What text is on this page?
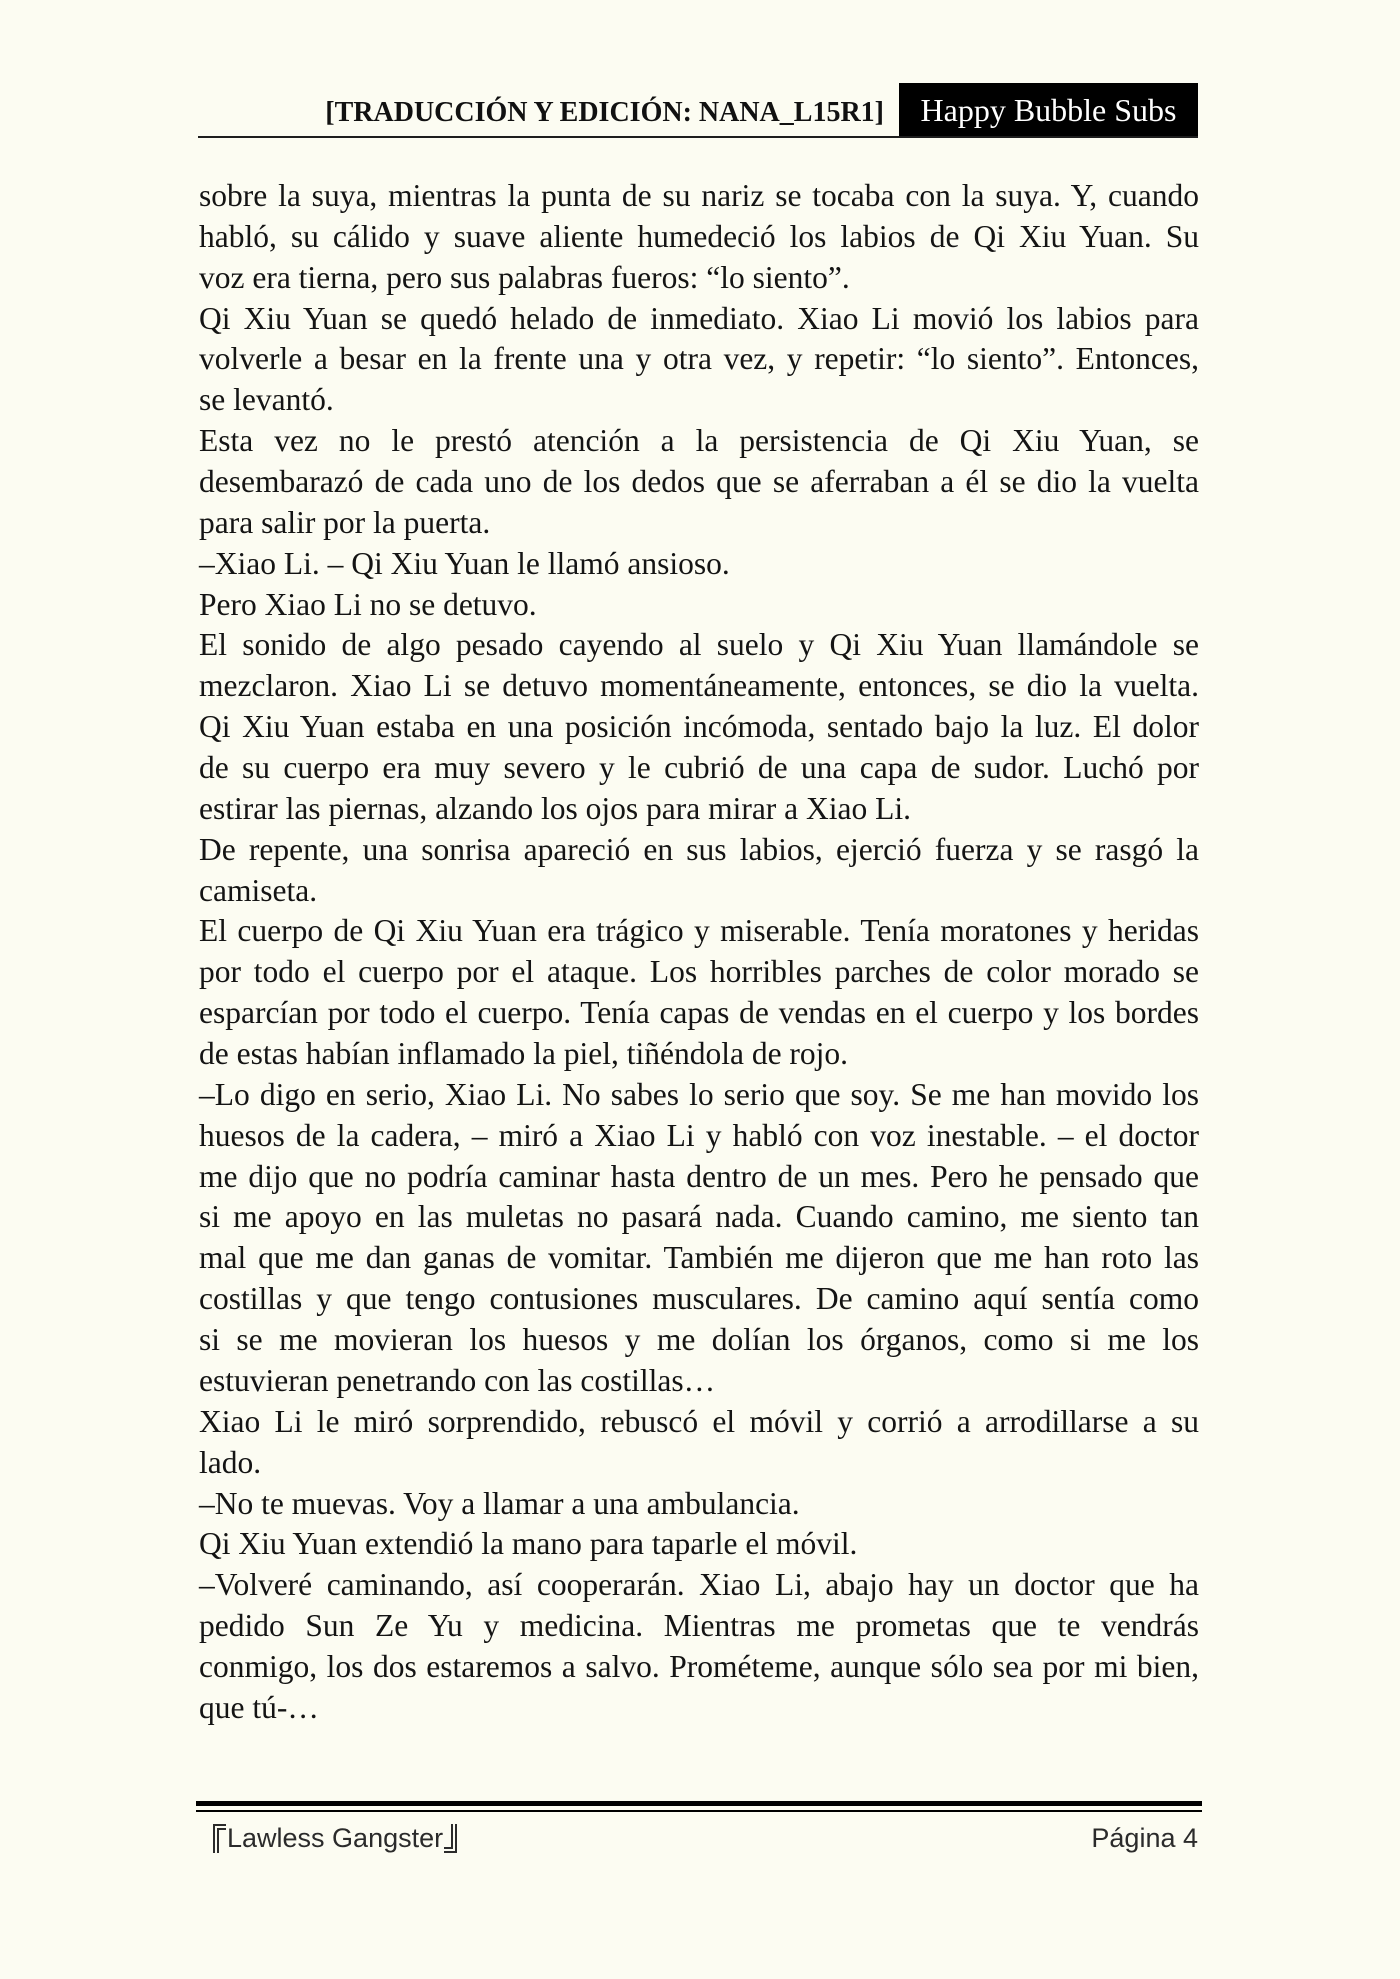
[TRADUCCIÓN Y EDICIÓN: NANA_L15R1] Happy Bubble Subs
sobre la suya, mientras la punta de su nariz se tocaba con la suya. Y, cuando
habló, su cálido y suave aliente humedeció los labios de Qi Xiu Yuan. Su
voz era tierna, pero sus palabras fueros: “lo siento”.
Qi Xiu Yuan se quedó helado de inmediato. Xiao Li movió los labios para
volverle a besar en la frente una y otra vez, y repetir: “lo siento”. Entonces,
se levantó.
Esta vez no le prestó atención a la persistencia de Qi Xiu Yuan, se
desembarazó de cada uno de los dedos que se aferraban a él se dio la vuelta
para salir por la puerta.
–Xiao Li. – Qi Xiu Yuan le llamó ansioso.
Pero Xiao Li no se detuvo.
El sonido de algo pesado cayendo al suelo y Qi Xiu Yuan llamándole se
mezclaron. Xiao Li se detuvo momentáneamente, entonces, se dio la vuelta.
Qi Xiu Yuan estaba en una posición incómoda, sentado bajo la luz. El dolor
de su cuerpo era muy severo y le cubrió de una capa de sudor. Luchó por
estirar las piernas, alzando los ojos para mirar a Xiao Li.
De repente, una sonrisa apareció en sus labios, ejerció fuerza y se rasgó la
camiseta.
El cuerpo de Qi Xiu Yuan era trágico y miserable. Tenía moratones y heridas
por todo el cuerpo por el ataque. Los horribles parches de color morado se
esparcían por todo el cuerpo. Tenía capas de vendas en el cuerpo y los bordes
de estas habían inflamado la piel, tiñéndola de rojo.
–Lo digo en serio, Xiao Li. No sabes lo serio que soy. Se me han movido los
huesos de la cadera, – miró a Xiao Li y habló con voz inestable. – el doctor
me dijo que no podría caminar hasta dentro de un mes. Pero he pensado que
si me apoyo en las muletas no pasará nada. Cuando camino, me siento tan
mal que me dan ganas de vomitar. También me dijeron que me han roto las
costillas y que tengo contusiones musculares. De camino aquí sentía como
si se me movieran los huesos y me dolían los órganos, como si me los
estuvieran penetrando con las costillas…
Xiao Li le miró sorprendido, rebuscó el móvil y corrió a arrodillarse a su
lado.
–No te muevas. Voy a llamar a una ambulancia.
Qi Xiu Yuan extendió la mano para taparle el móvil.
–Volveré caminando, así cooperarán. Xiao Li, abajo hay un doctor que ha
pedido Sun Ze Yu y medicina. Mientras me prometas que te vendrás
conmigo, los dos estaremos a salvo. Prométeme, aunque sólo sea por mi bien,
que tú-…
Lawless Gangster	Página 4
